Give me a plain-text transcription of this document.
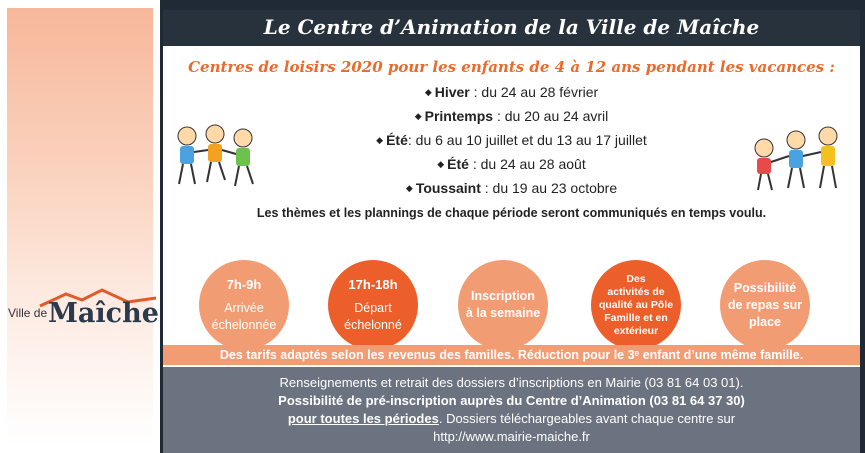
Ville de Maîche
Le Centre d’Animation de la Ville de Maîche
Centres de loisirs 2020 pour les enfants de 4 à 12 ans pendant les vacances :
◆ Hiver : du 24 au 28 février
◆ Printemps : du 20 au 24 avril
◆ Été: du 6 au 10 juillet et du 13 au 17 juillet
◆ Été : du 24 au 28 août
◆ Toussaint : du 19 au 23 octobre
Les thèmes et les plannings de chaque période seront communiqués en temps voulu.
7h-9h
Arrivée
échelonnée
17h-18h
Départ
échelonné
Inscription
à la semaine
Des
activités de
qualité au Pôle
Famille et en
extérieur
Possibilité
de repas sur
place
Des tarifs adaptés selon les revenus des familles. Réduction pour le 3ᵉ enfant d’une même famille.
Renseignements et retrait des dossiers d’inscriptions en Mairie (03 81 64 03 01).
Possibilité de pré-inscription auprès du Centre d’Animation (03 81 64 37 30)
pour toutes les périodes. Dossiers téléchargeables avant chaque centre sur
http://www.mairie-maiche.fr
